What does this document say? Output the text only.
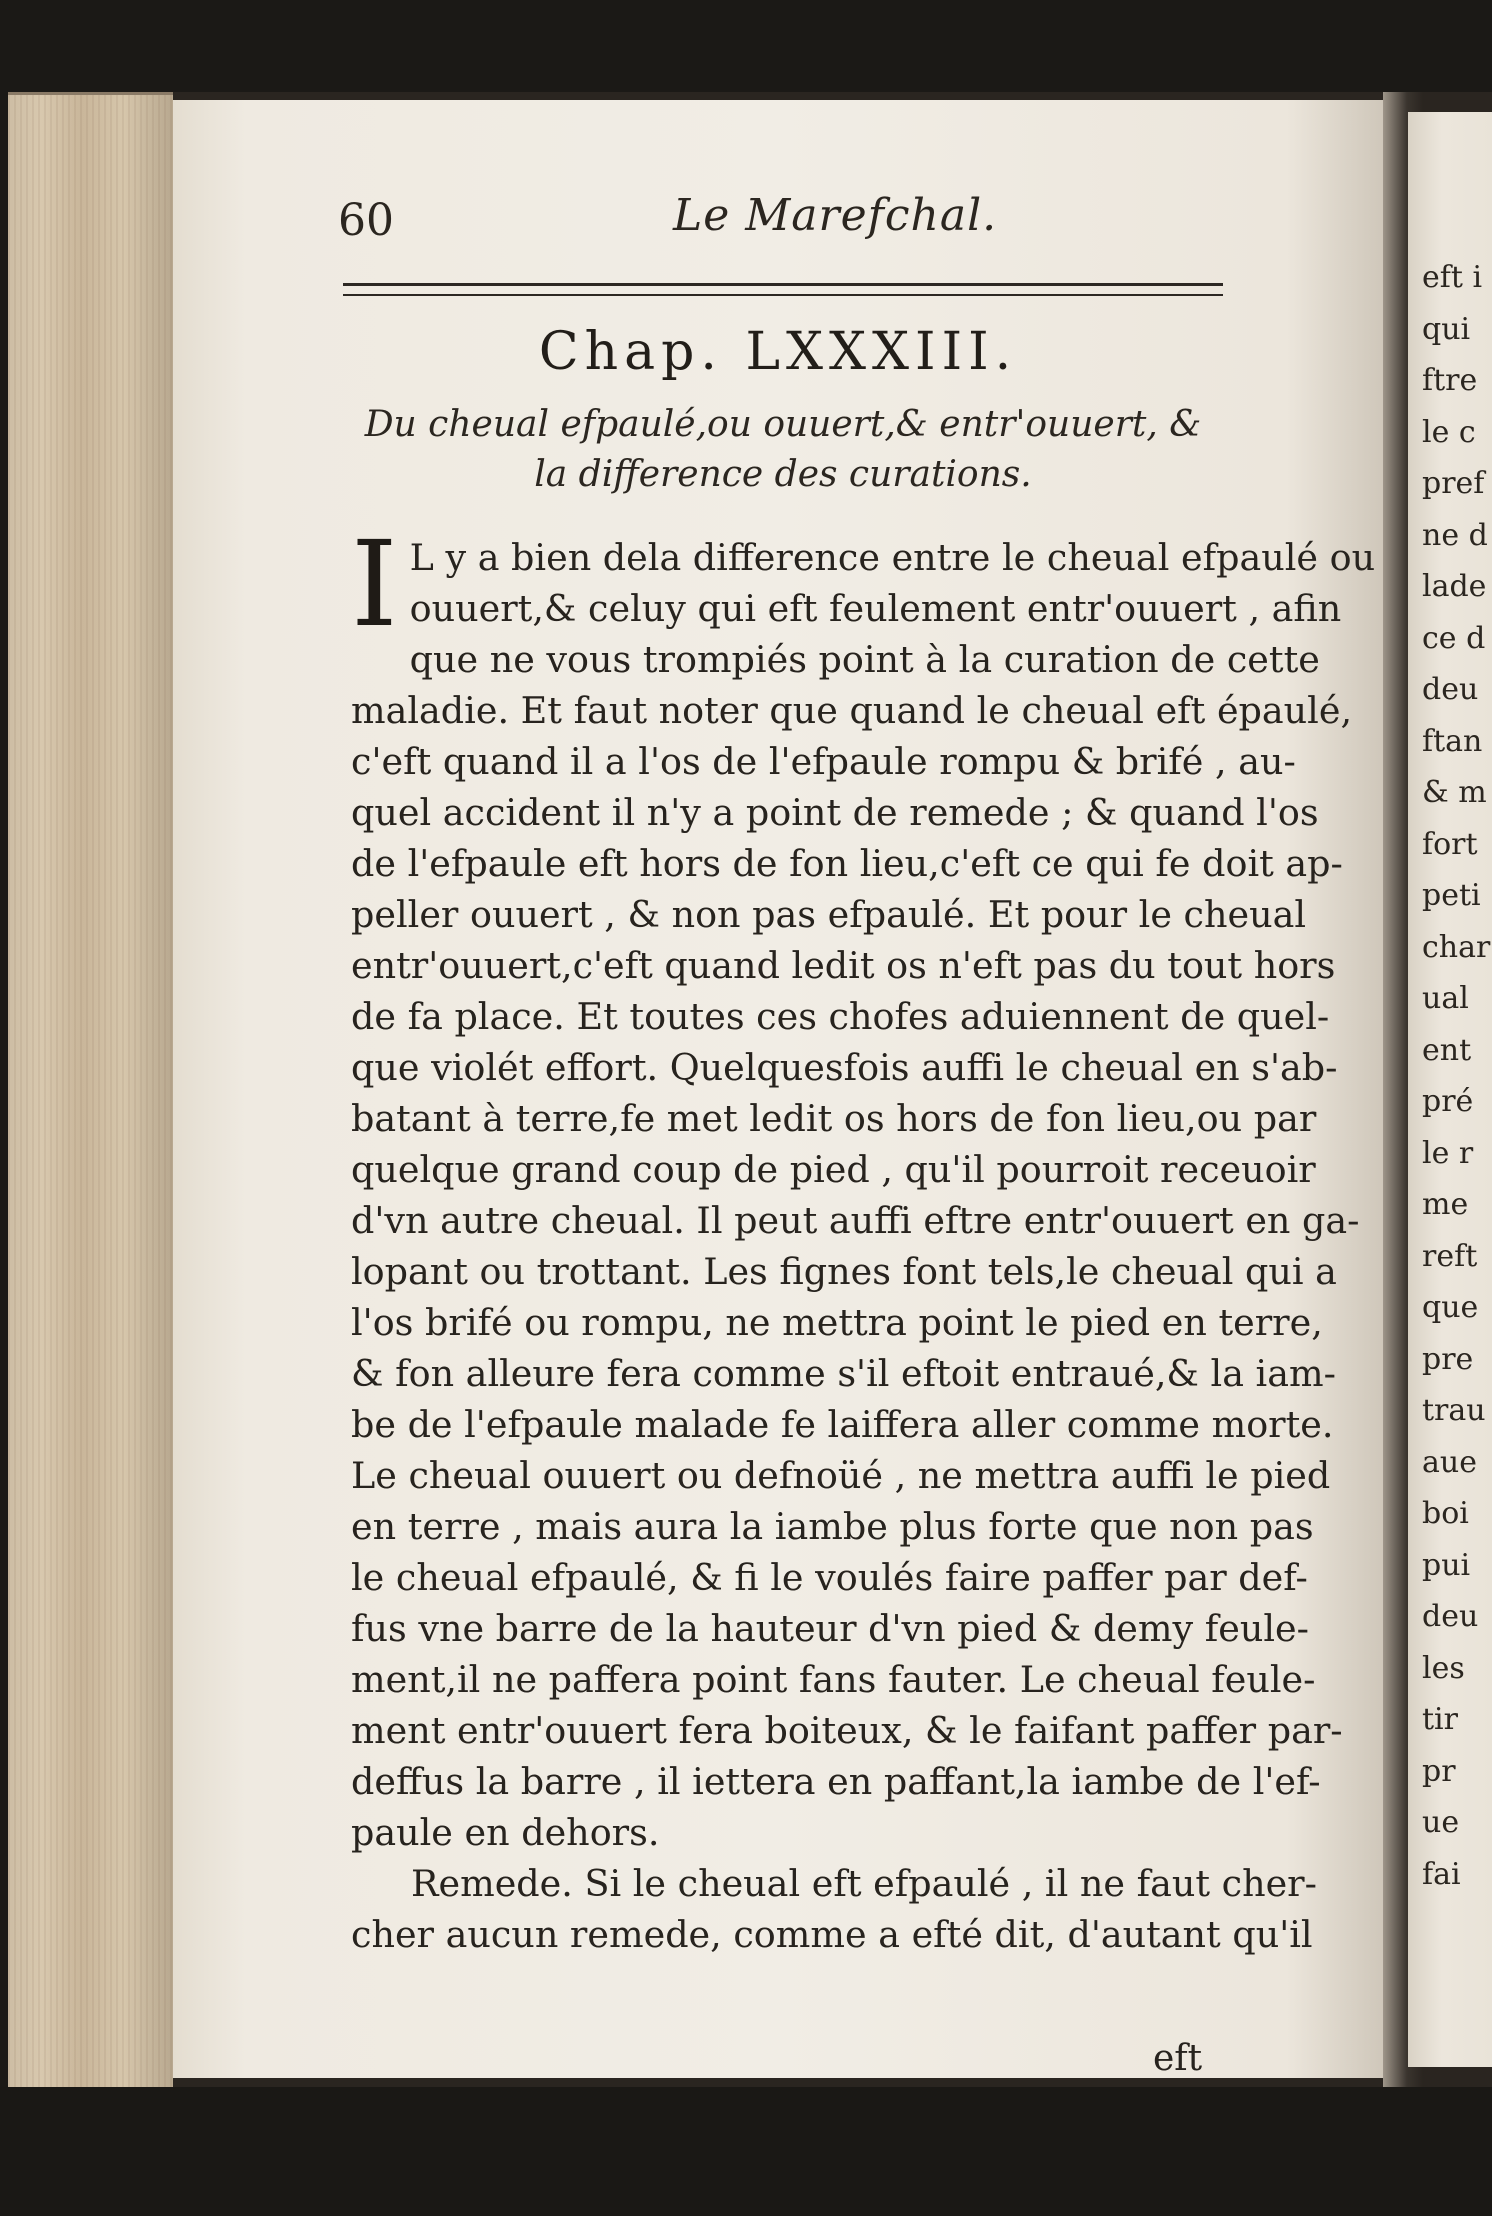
60	Le Marefchal.
Chap. LXXXIII.
Du cheual efpaulé,ou ouuert,& entr'ouuert, &
la difference des curations.
I L y a bien dela difference entre le cheual efpaulé ou
ouuert,& celuy qui eft feulement entr'ouuert , afin
que ne vous trompiés point à la curation de cette
maladie. Et faut noter que quand le cheual eft épaulé,
c'eft quand il a l'os de l'efpaule rompu & brifé , au-
quel accident il n'y a point de remede ; & quand l'os
de l'efpaule eft hors de fon lieu,c'eft ce qui fe doit ap-
peller ouuert , & non pas efpaulé. Et pour le cheual
entr'ouuert,c'eft quand ledit os n'eft pas du tout hors
de fa place. Et toutes ces chofes aduiennent de quel-
que violét effort. Quelquesfois auffi le cheual en s'ab-
batant à terre,fe met ledit os hors de fon lieu,ou par
quelque grand coup de pied , qu'il pourroit receuoir
d'vn autre cheual. Il peut auffi eftre entr'ouuert en ga-
lopant ou trottant. Les fignes font tels,le cheual qui a
l'os brifé ou rompu, ne mettra point le pied en terre,
& fon alleure fera comme s'il eftoit entraué,& la iam-
be de l'efpaule malade fe laiffera aller comme morte.
Le cheual ouuert ou defnoüé , ne mettra auffi le pied
en terre , mais aura la iambe plus forte que non pas
le cheual efpaulé, & fi le voulés faire paffer par def-
fus vne barre de la hauteur d'vn pied & demy feule-
ment,il ne paffera point fans fauter. Le cheual feule-
ment entr'ouuert fera boiteux, & le faifant paffer par-
deffus la barre , il iettera en paffant,la iambe de l'ef-
paule en dehors.
Remede. Si le cheual eft efpaulé , il ne faut cher-
cher aucun remede, comme a efté dit, d'autant qu'il
eft
eft i
qui
ftre
le c
pref
ne d
lade
ce d
deu
ftan
& m
fort
peti
char
ual
ent
pré
le r
me
reft
que
pre
trau
aue
boi
pui
deu
les
tir
pr
ue
fai
